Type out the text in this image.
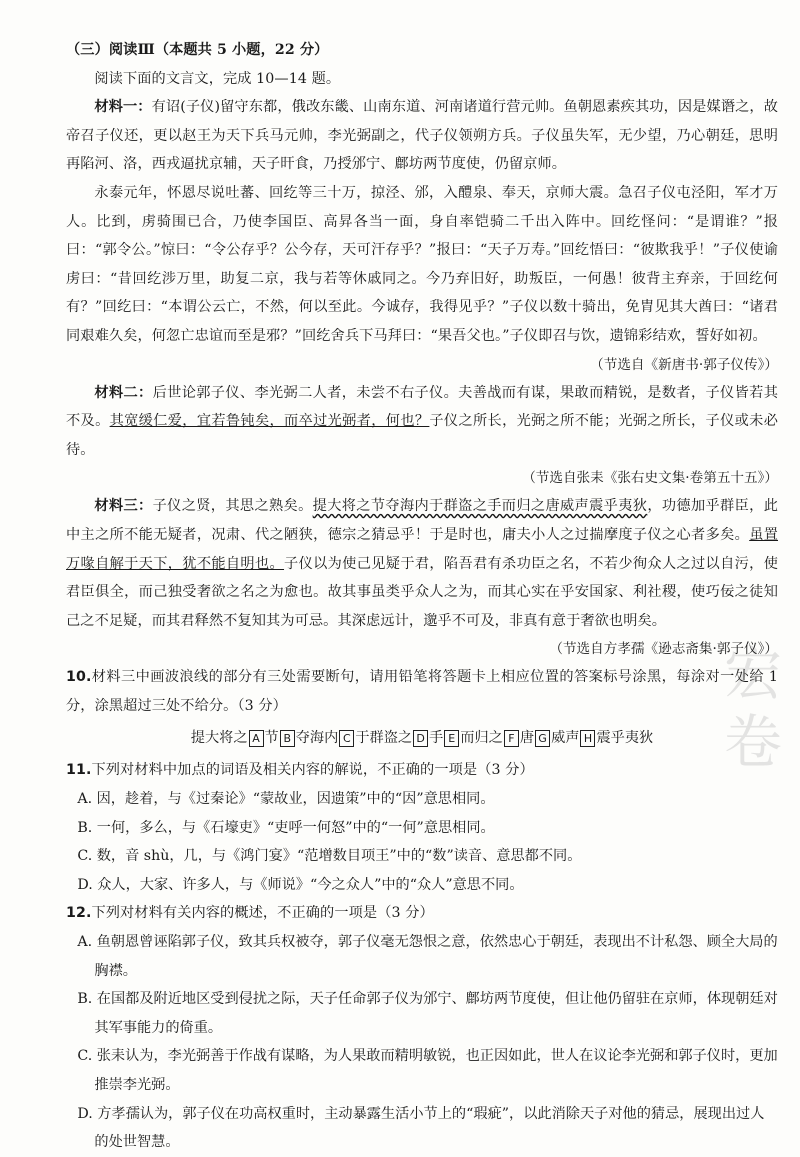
宏卷

（三）阅读Ⅲ（本题共 5 小题，22 分）

阅读下面的文言文，完成 10—14 题。

材料一：有诏(子仪)留守东都，俄改东畿、山南东道、河南诸道行营元帅。鱼朝恩素疾其功，因是媒谮之，故帝召子仪还，更以赵王为天下兵马元帅，李光弼副之，代子仪领朔方兵。子仪虽失军，无少望，乃心朝廷，思明再陷河、洛，西戎逼扰京辅，天子旰食，乃授邠宁、鄜坊两节度使，仍留京师。

永泰元年，怀恩尽说吐蕃、回纥等三十万，掠泾、邠，入醴泉、奉天，京师大震。急召子仪屯泾阳，军才万人。比到，虏骑围已合，乃使李国臣、高昇各当一面，身自率铠骑二千出入阵中。回纥怪问：“是谓谁？”报曰：“郭令公。”惊曰：“令公存乎？公今存，天可汗存乎？”报曰：“天子万寿。”回纥悟曰：“彼欺我乎！”子仪使谕虏曰：“昔回纥涉万里，助复二京，我与若等休戚同之。今乃弃旧好，助叛臣，一何愚！彼背主弃亲，于回纥何有？”回纥曰：“本谓公云亡，不然，何以至此。今诚存，我得见乎？”子仪以数十骑出，免胄见其大酋曰：“诸君同艰难久矣，何忽亡忠谊而至是邪？”回纥舍兵下马拜曰：“果吾父也。”子仪即召与饮，遗锦彩结欢，誓好如初。

（节选自《新唐书·郭子仪传》）

材料二：后世论郭子仪、李光弼二人者，未尝不右子仪。夫善战而有谋，果敢而精锐，是数者，子仪皆若其不及。其宽缓仁爱，宜若鲁钝矣，而卒过光弼者，何也？子仪之所长，光弼之所不能；光弼之所长，子仪或未必待。

（节选自张耒《张右史文集·卷第五十五》）

材料三：子仪之贤，其思之熟矣。提大将之节夺海内于群盗之手而归之唐威声震乎夷狄，功德加乎群臣，此中主之所不能无疑者，况肃、代之陋狭，德宗之猜忌乎！于是时也，庸夫小人之过揣摩度子仪之心者多矣。虽置万喙自解于天下，犹不能自明也。子仪以为使己见疑于君，陷吾君有杀功臣之名，不若少徇众人之过以自污，使君臣俱全，而己独受奢欲之名之为愈也。故其事虽类乎众人之为，而其心实在乎安国家、利社稷，使巧佞之徒知己之不足疑，而其君释然不复知其为可忌。其深虑远计，邈乎不可及，非真有意于奢欲也明矣。

（节选自方孝孺《逊志斋集·郭子仪》）

10.材料三中画波浪线的部分有三处需要断句，请用铅笔将答题卡上相应位置的答案标号涂黑，每涂对一处给 1 分，涂黑超过三处不给分。（3 分）

提大将之 A 节 B 夺海内 C 于群盗之 D 手 E 而归之 F 唐 G 威声 H 震乎夷狄

11.下列对材料中加点的词语及相关内容的解说，不正确的一项是（3 分）

A. 因，趁着，与《过秦论》“蒙故业，因遗策”中的“因”意思相同。

B. 一何，多么，与《石壕吏》“吏呼一何怒”中的“一何”意思相同。

C. 数，音 shù，几，与《鸿门宴》“范增数目项王”中的“数”读音、意思都不同。

D. 众人，大家、许多人，与《师说》“今之众人”中的“众人”意思不同。

12.下列对材料有关内容的概述，不正确的一项是（3 分）

A. 鱼朝恩曾诬陷郭子仪，致其兵权被夺，郭子仪毫无怨恨之意，依然忠心于朝廷，表现出不计私怨、顾全大局的胸襟。

B. 在国都及附近地区受到侵扰之际，天子任命郭子仪为邠宁、鄜坊两节度使，但让他仍留驻在京师，体现朝廷对其军事能力的倚重。

C. 张耒认为，李光弼善于作战有谋略，为人果敢而精明敏锐，也正因如此，世人在议论李光弼和郭子仪时，更加推崇李光弼。

D. 方孝孺认为，郭子仪在功高权重时，主动暴露生活小节上的“瑕疵”，以此消除天子对他的猜忌，展现出过人的处世智慧。
